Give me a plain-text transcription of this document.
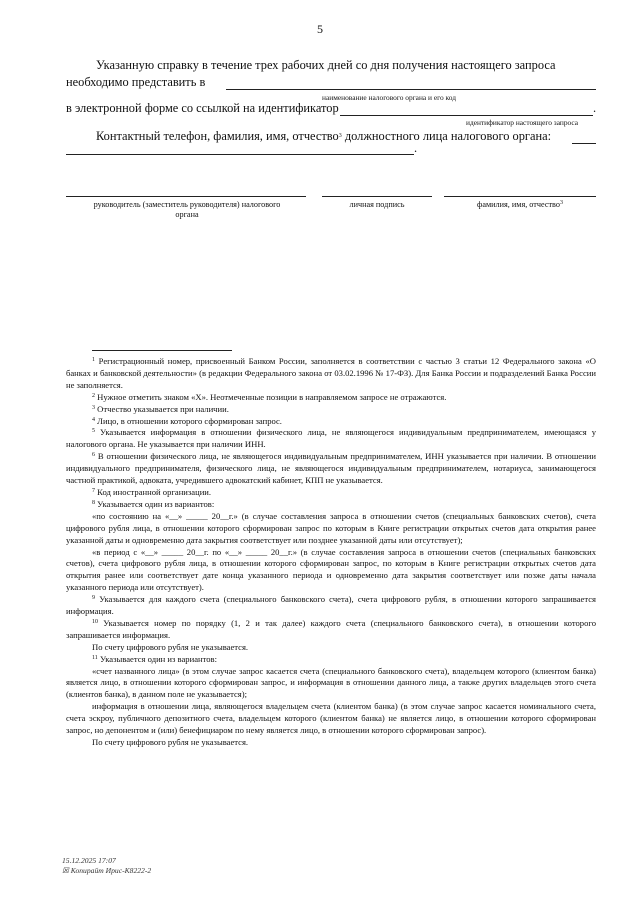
5
Указанную справку в течение трех рабочих дней со дня получения настоящего запроса
необходимо представить в
наименование налогового органа и его код
в электронной форме со ссылкой на идентификатор	.
идентификатор настоящего запроса
Контактный телефон, фамилия, имя, отчество$^3$ должностного лица налогового органа:
.
руководитель (заместитель руководителя) налогового органа
личная подпись	фамилия, имя, отчество$^3$

$^1$ Регистрационный номер, присвоенный Банком России, заполняется в соответствии с частью 3 статьи 12 Федерального закона «О банках и банковской деятельности» (в редакции Федерального закона от 03.02.1996 № 17-ФЗ). Для Банка России и подразделений Банка России не заполняется.

$^2$ Нужное отметить знаком «Х». Неотмеченные позиции в направляемом запросе не отражаются.

$^3$ Отчество указывается при наличии.

$^4$ Лицо, в отношении которого сформирован запрос.

$^5$ Указывается информация в отношении физического лица, не являющегося индивидуальным предпринимателем, имеющаяся у налогового органа. Не указывается при наличии ИНН.

$^6$ В отношении физического лица, не являющегося индивидуальным предпринимателем, ИНН указывается при наличии. В отношении индивидуального предпринимателя, физического лица, не являющегося индивидуальным предпринимателем, нотариуса, занимающегося частной практикой, адвоката, учредившего адвокатский кабинет, КПП не указывается.

$^7$ Код иностранной организации.

$^8$ Указывается один из вариантов:

«по состоянию на «__» _____ 20__г.» (в случае составления запроса в отношении счетов (специальных банковских счетов), счета цифрового рубля лица, в отношении которого сформирован запрос по которым в Книге регистрации открытых счетов дата открытия ранее указанной даты и одновременно дата закрытия соответствует или позднее указанной даты или отсутствует);

«в период с «__» _____ 20__г. по «__» _____ 20__г.» (в случае составления запроса в отношении счетов (специальных банковских счетов), счета цифрового рубля лица, в отношении которого сформирован запрос, по которым в Книге регистрации открытых счетов дата открытия ранее или соответствует дате конца указанного периода и одновременно дата закрытия соответствует или позже даты начала указанного периода или отсутствует).

$^9$ Указывается для каждого счета (специального банковского счета), счета цифрового рубля, в отношении которого запрашивается информация.

$^{10}$ Указывается номер по порядку (1, 2 и так далее) каждого счета (специального банковского счета), в отношении которого запрашивается информация.

По счету цифрового рубля не указывается.

$^{11}$ Указывается один из вариантов:

«счет названного лица» (в этом случае запрос касается счета (специального банковского счета), владельцем которого (клиентом банка) является лицо, в отношении которого сформирован запрос, и информация в отношении данного лица, а также других владельцев этого счета (клиентов банка), в данном поле не указывается);

информация в отношении лица, являющегося владельцем счета (клиентом банка) (в этом случае запрос касается номинального счета, счета эскроу, публичного депозитного счета, владельцем которого (клиентом банка) не является лицо, в отношении которого сформирован запрос, но депонентом и (или) бенефициаром по нему является лицо, в отношении которого сформирован запрос).

По счету цифрового рубля не указывается.

15.12.2025 17:07
☒ Копирайт Ирис-К8222-2
